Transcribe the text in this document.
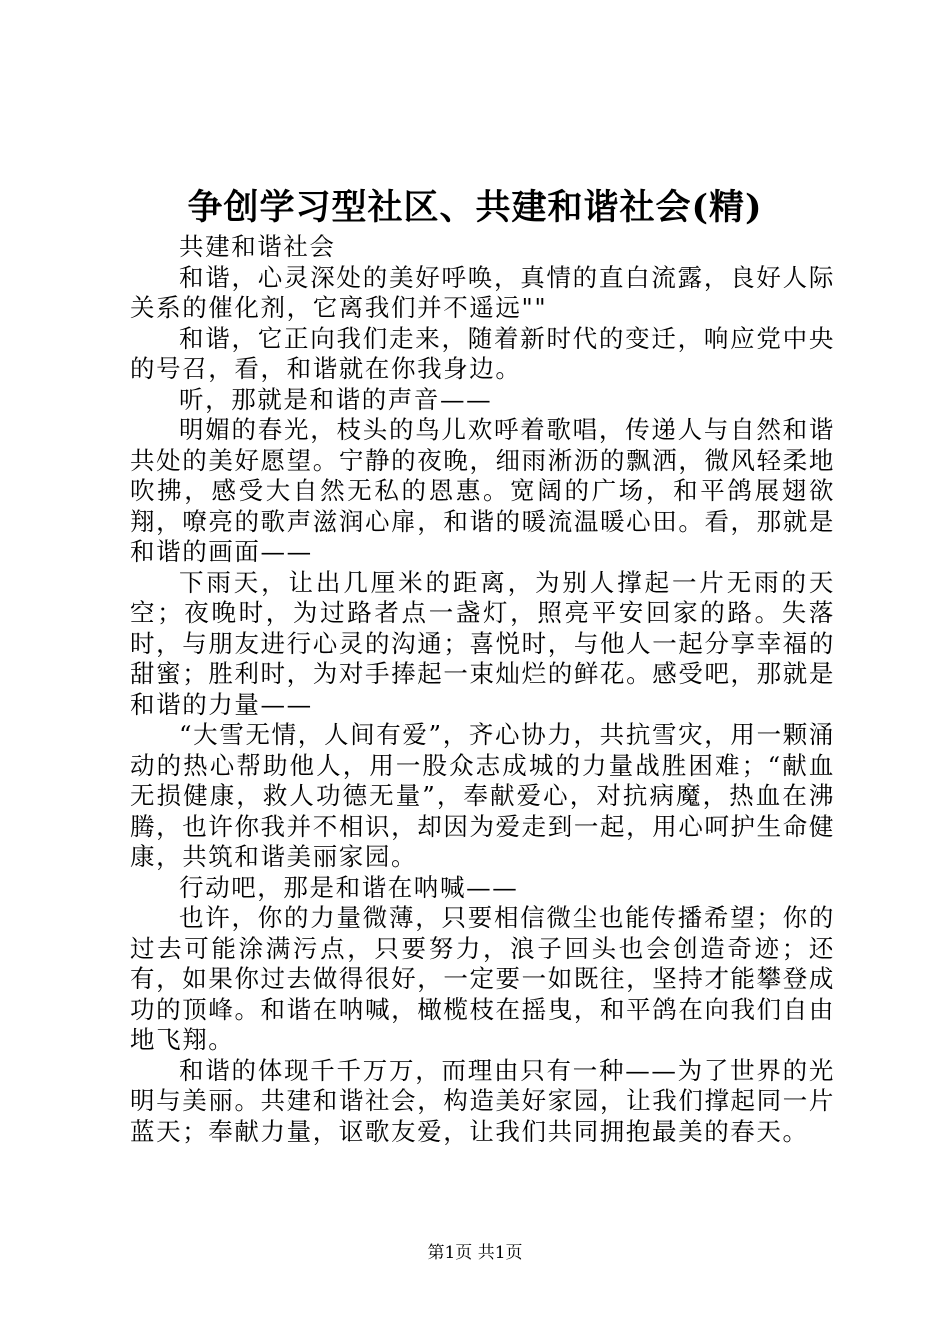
争创学习型社区、共建和谐社会(精)

共建和谐社会

和谐，心灵深处的美好呼唤，真情的直白流露，良好人际关系的催化剂，它离我们并不遥远""

和谐，它正向我们走来，随着新时代的变迁，响应党中央的号召，看，和谐就在你我身边。

听，那就是和谐的声音——

明媚的春光，枝头的鸟儿欢呼着歌唱，传递人与自然和谐共处的美好愿望。宁静的夜晚，细雨淅沥的飘洒，微风轻柔地吹拂，感受大自然无私的恩惠。宽阔的广场，和平鸽展翅欲翔，嘹亮的歌声滋润心扉，和谐的暖流温暖心田。看，那就是和谐的画面——

下雨天，让出几厘米的距离，为别人撑起一片无雨的天空；夜晚时，为过路者点一盏灯，照亮平安回家的路。失落时，与朋友进行心灵的沟通；喜悦时，与他人一起分享幸福的甜蜜；胜利时，为对手捧起一束灿烂的鲜花。感受吧，那就是和谐的力量——

“大雪无情，人间有爱”，齐心协力，共抗雪灾，用一颗涌动的热心帮助他人，用一股众志成城的力量战胜困难；“献血无损健康，救人功德无量”，奉献爱心，对抗病魔，热血在沸腾，也许你我并不相识，却因为爱走到一起，用心呵护生命健康，共筑和谐美丽家园。

行动吧，那是和谐在呐喊——

也许，你的力量微薄，只要相信微尘也能传播希望；你的过去可能涂满污点，只要努力，浪子回头也会创造奇迹；还有，如果你过去做得很好，一定要一如既往，坚持才能攀登成功的顶峰。和谐在呐喊，橄榄枝在摇曳，和平鸽在向我们自由地飞翔。

和谐的体现千千万万，而理由只有一种——为了世界的光明与美丽。共建和谐社会，构造美好家园，让我们撑起同一片蓝天；奉献力量，讴歌友爱，让我们共同拥抱最美的春天。

第1页 共1页
